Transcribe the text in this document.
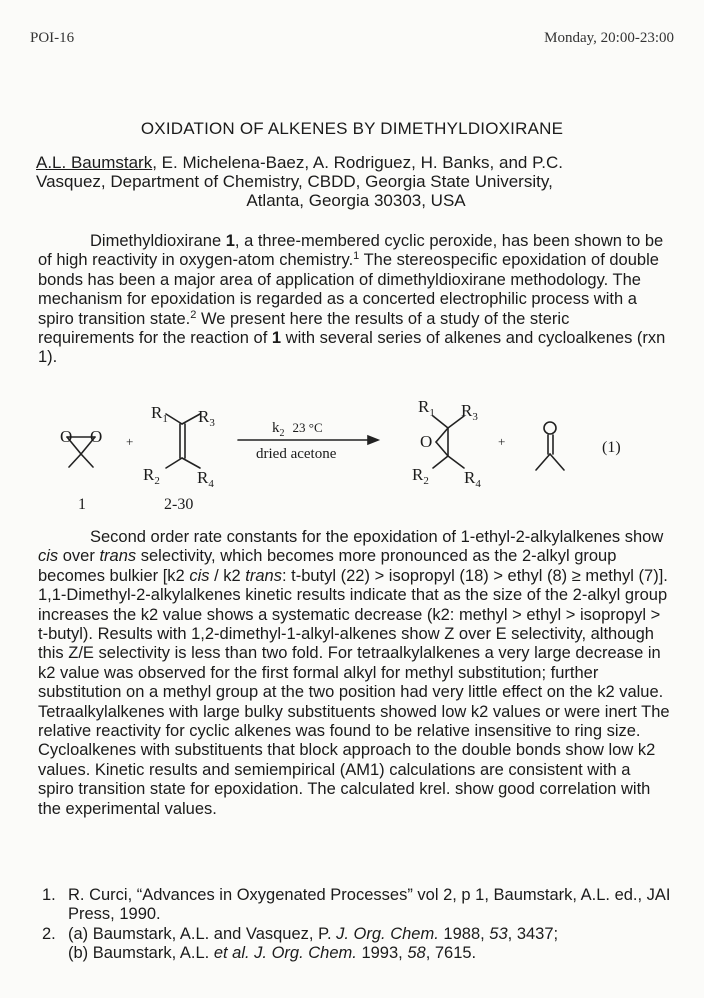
POI-16	Monday, 20:00-23:00
OXIDATION OF ALKENES BY DIMETHYLDIOXIRANE
A.L. Baumstark, E. Michelena-Baez, A. Rodriguez, H. Banks, and P.C.
Vasquez, Department of Chemistry, CBDD, Georgia State University,

Atlanta, Georgia 30303, USA

Dimethyldioxirane 1, a three-membered cyclic peroxide, has been shown to be of high reactivity in oxygen-atom chemistry.$^1$ The stereospecific epoxidation of double bonds has been a major area of application of dimethyldioxirane methodology. The mechanism for epoxidation is regarded as a concerted electrophilic process with a spiro transition state.$^2$ We present here the results of a study of the steric requirements for the reaction of 1 with several series of alkenes and cycloalkenes (rxn 1).

O O +
$R_1$ $R_3$
$R_2$ $R_4$
$k_2$ 23 °C
dried acetone
O
$R_1$ $R_3$
$R_2$ $R_4$
+	(1)
1	2-30

Second order rate constants for the epoxidation of 1-ethyl-2-alkylalkenes show cis over trans selectivity, which becomes more pronounced as the 2-alkyl group becomes bulkier [k2 cis / k2 trans: t-butyl (22) > isopropyl (18) > ethyl (8) ≥ methyl (7)]. 1,1-Dimethyl-2-alkylalkenes kinetic results indicate that as the size of the 2-alkyl group increases the k2 value shows a systematic decrease (k2: methyl > ethyl > isopropyl > t-butyl). Results with 1,2-dimethyl-1-alkyl-alkenes show Z over E selectivity, although this Z/E selectivity is less than two fold. For tetraalkylalkenes a very large decrease in k2 value was observed for the first formal alkyl for methyl substitution; further substitution on a methyl group at the two position had very little effect on the k2 value. Tetraalkylalkenes with large bulky substituents showed low k2 values or were inert The relative reactivity for cyclic alkenes was found to be relative insensitive to ring size. Cycloalkenes with substituents that block approach to the double bonds show low k2 values. Kinetic results and semiempirical (AM1) calculations are consistent with a spiro transition state for epoxidation. The calculated krel. show good correlation with the experimental values.

1. R. Curci, “Advances in Oxygenated Processes” vol 2, p 1, Baumstark, A.L. ed., JAI Press, 1990.
2. (a) Baumstark, A.L. and Vasquez, P. J. Org. Chem. 1988, 53, 3437;
(b) Baumstark, A.L. et al. J. Org. Chem. 1993, 58, 7615.
